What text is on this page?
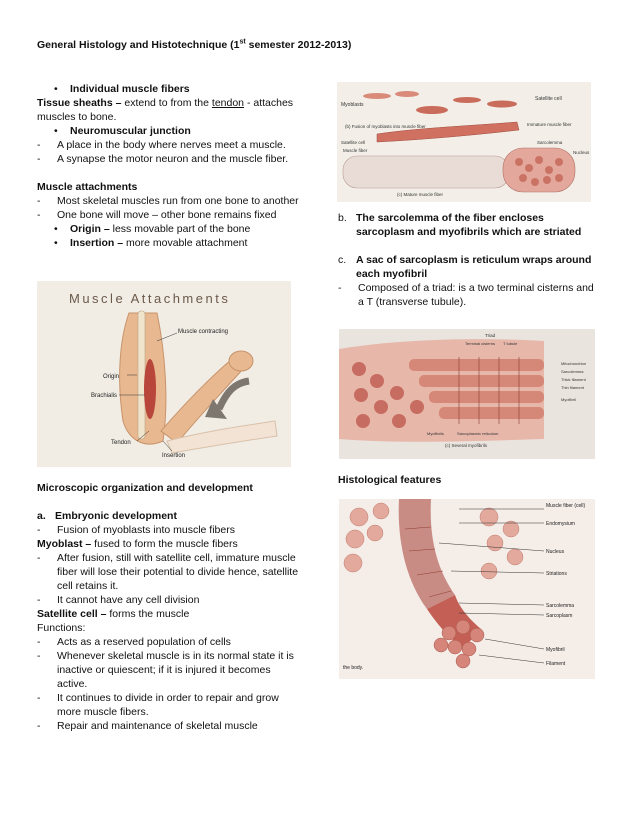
General Histology and Histotechnique (1st semester 2012-2013)
• Individual muscle fibers
Tissue sheaths – extend to from the tendon - attaches muscles to bone.
• Neuromuscular junction
- A place in the body where nerves meet a muscle.
- A synapse the motor neuron and the muscle fiber.
Muscle attachments
- Most skeletal muscles run from one bone to another
- One bone will move – other bone remains fixed
• Origin – less movable part of the bone
• Insertion – more movable attachment
Muscle Attachments
Muscle contracting
Origin
Brachialis
Tendon
Insertion
Microscopic organization and development
a. Embryonic development
- Fusion of myoblasts into muscle fibers
Myoblast – fused to form the muscle fibers
- After fusion, still with satellite cell, immature muscle fiber will lose their potential to divide hence, satellite cell retains it.
- It cannot have any cell division
Satellite cell – forms the muscle
Functions:
- Acts as a reserved population of cells
- Whenever skeletal muscle is in its normal state it is inactive or quiescent; if it is injured it becomes active.
- It continues to divide in order to repair and grow more muscle fibers.
- Repair and maintenance of skeletal muscle
Myoblasts
Satellite cell
(b) Fusion of myoblasts into muscle fiber	Immature muscle fiber
Satellite cell	Sarcolemma
Nucleus
(c) Mature muscle fiber
Muscle fiber
b. The sarcolemma of the fiber encloses sarcoplasm and myofibrils which are striated
c. A sac of sarcoplasm is reticulum wraps around each myofibril
- Composed of a triad: is a two terminal cisterns and a T (transverse tubule).
Triad
Terminal cisterns T tubule
Mitochondrion
Sarcolemma
Thick filament
Thin filament
Myofibril
Myofibrils	Sarcoplasmic reticulum
(c) Several myofibrils
Histological features
Muscle fiber (cell)
Endomysium
Nucleus
Striations
Sarcolemma
Sarcoplasm
Myofibril
Filament
the body.
